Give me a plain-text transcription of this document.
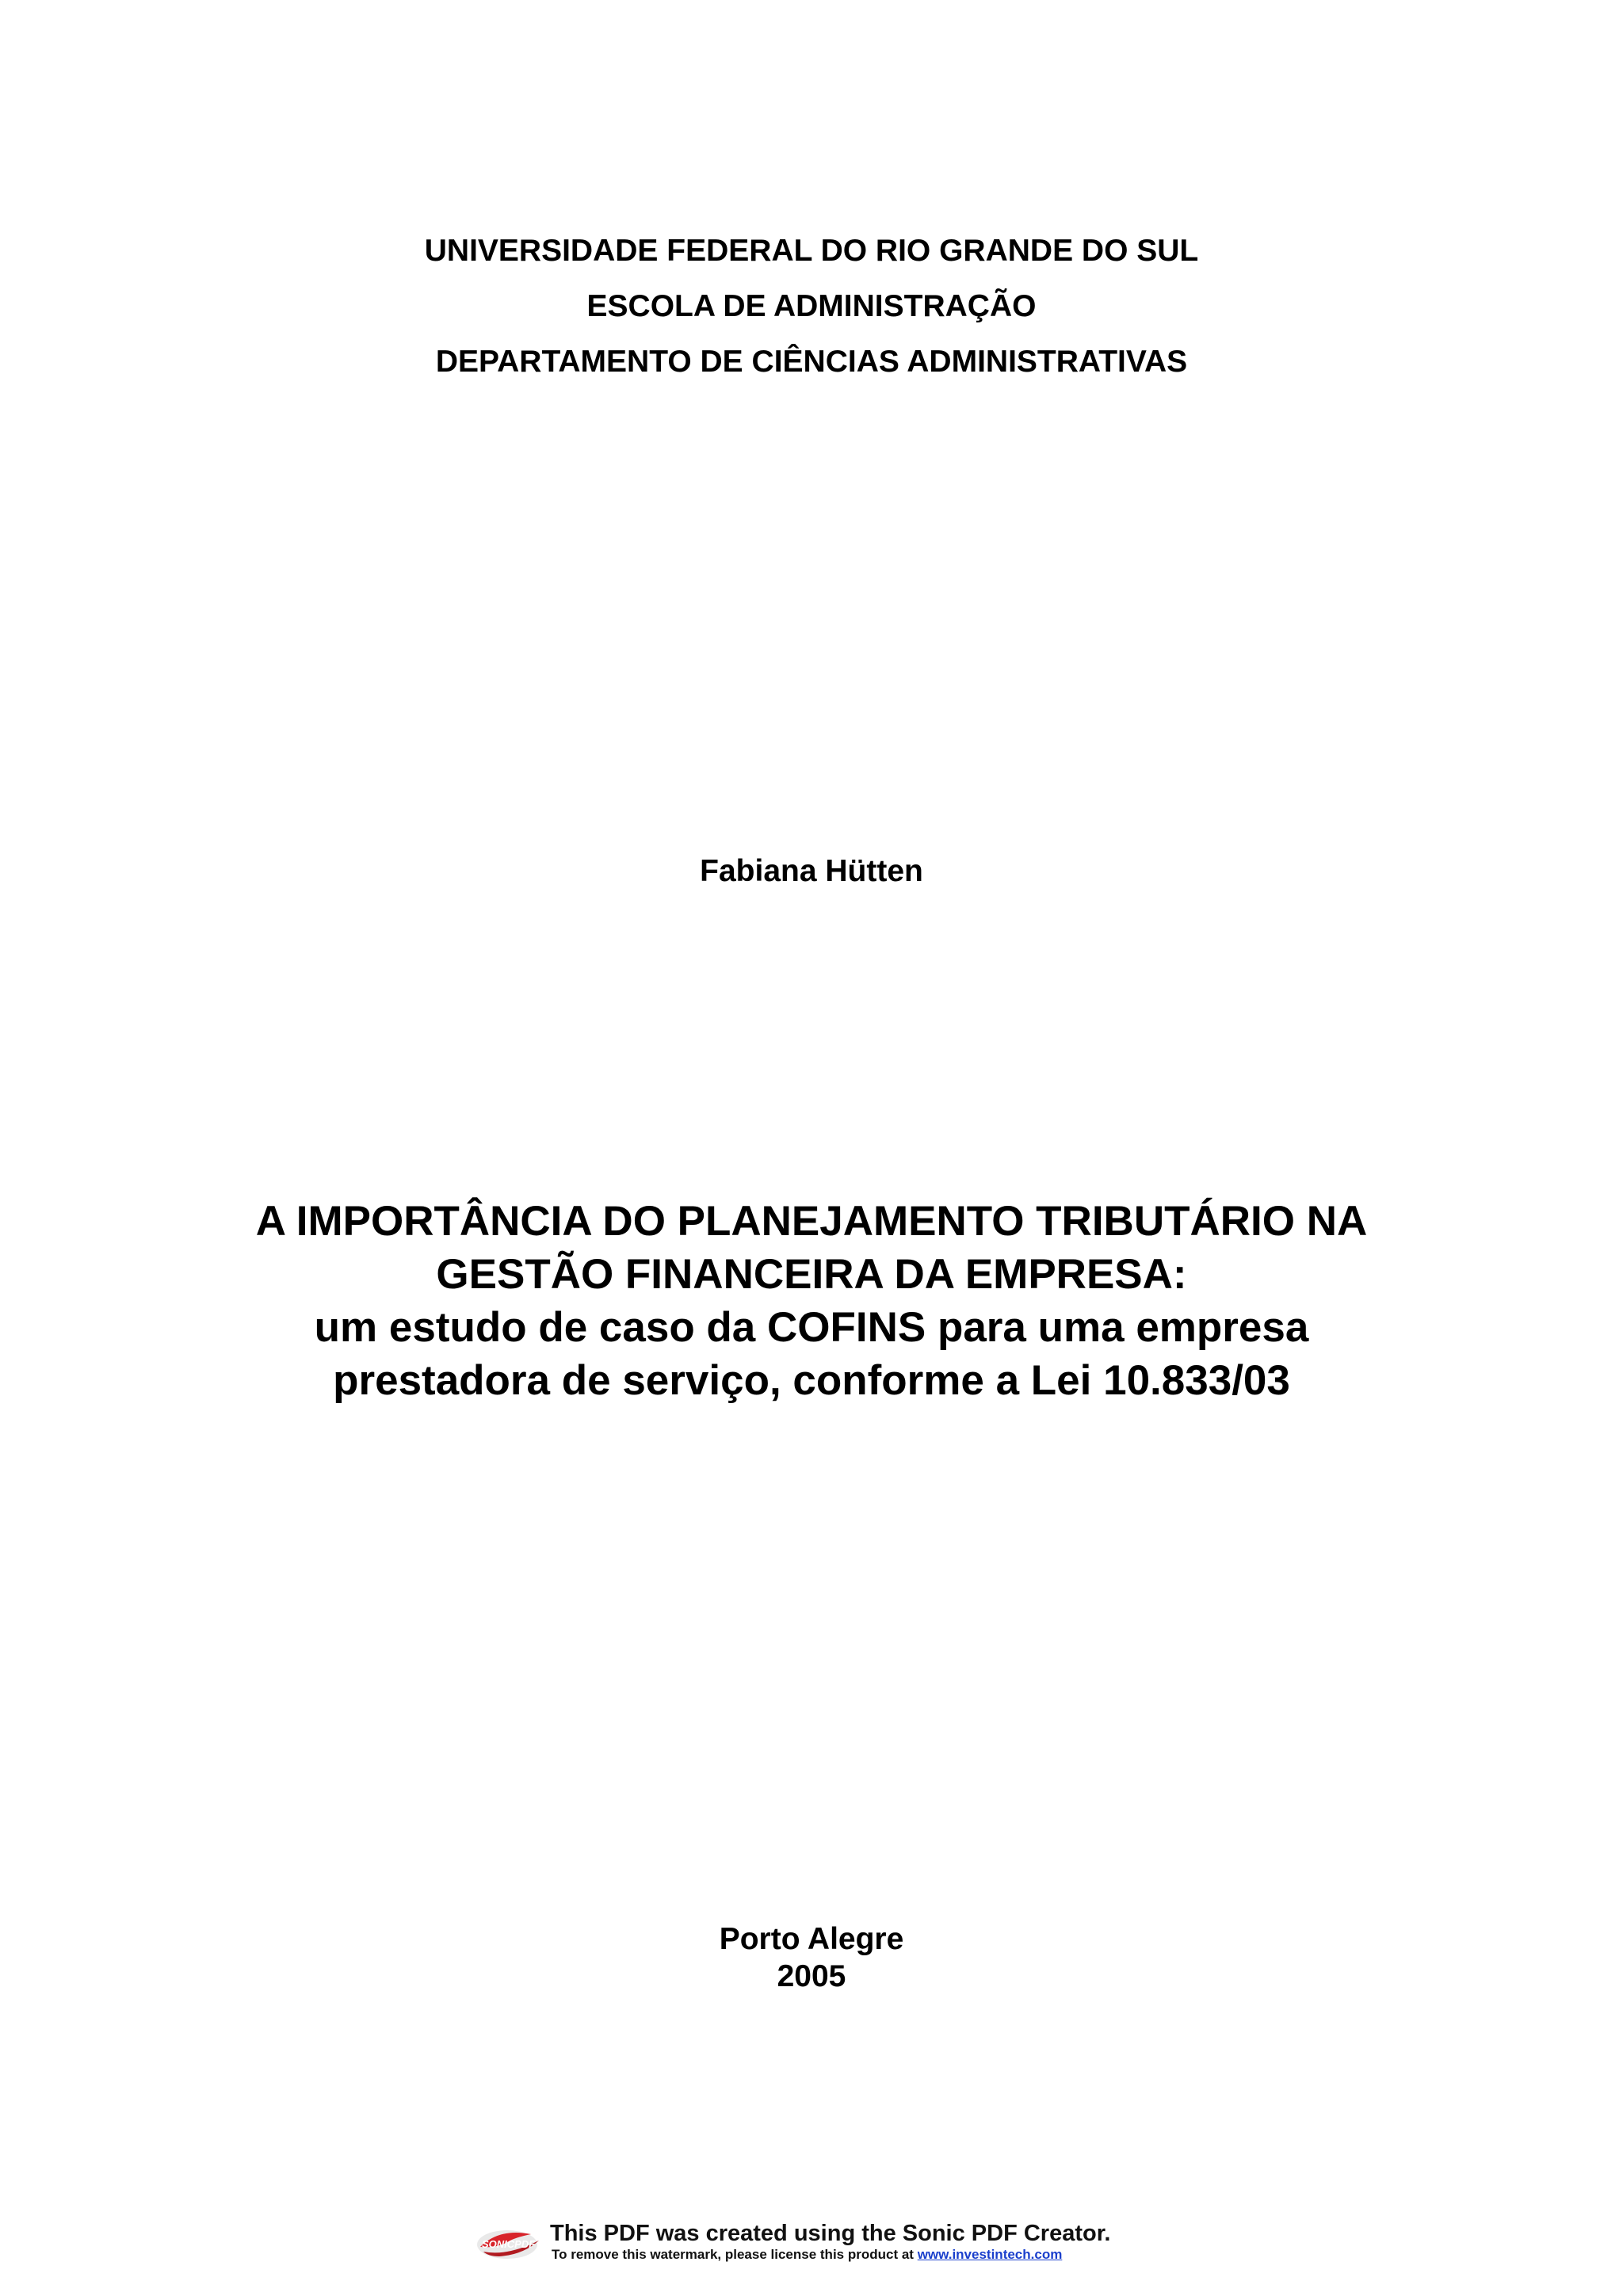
UNIVERSIDADE FEDERAL DO RIO GRANDE DO SUL
ESCOLA DE ADMINISTRAÇÃO
DEPARTAMENTO DE CIÊNCIAS ADMINISTRATIVAS
Fabiana Hütten
A IMPORTÂNCIA DO PLANEJAMENTO TRIBUTÁRIO NA
GESTÃO FINANCEIRA DA EMPRESA:
um estudo de caso da COFINS para uma empresa
prestadora de serviço, conforme a Lei 10.833/03
Porto Alegre
2005
SONICPDF This PDF was created using the Sonic PDF Creator.
To remove this watermark, please license this product at www.investintech.com
